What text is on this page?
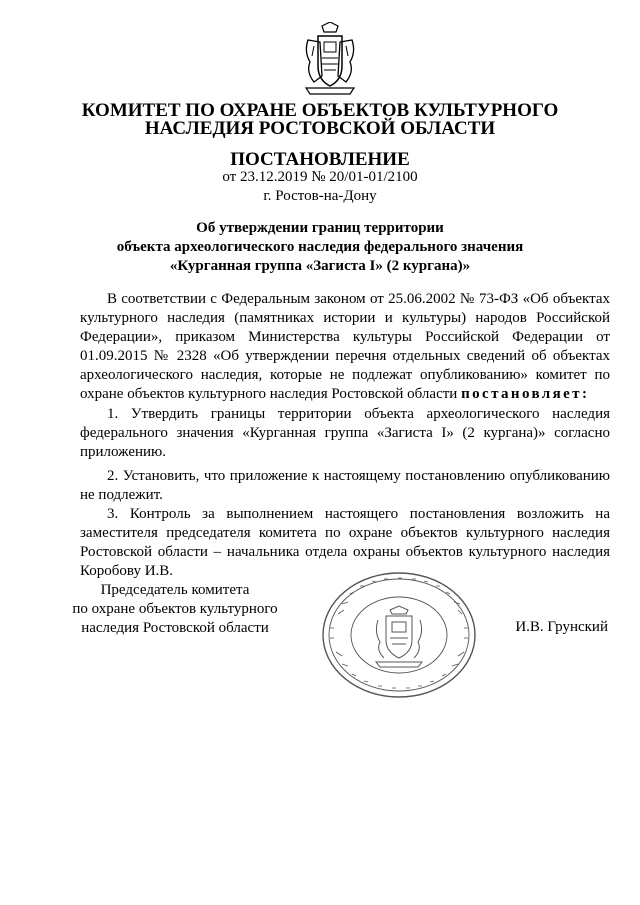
КОМИТЕТ ПО ОХРАНЕ ОБЪЕКТОВ КУЛЬТУРНОГО
НАСЛЕДИЯ РОСТОВСКОЙ ОБЛАСТИ
ПОСТАНОВЛЕНИЕ
от 23.12.2019 № 20/01-01/2100
г. Ростов-на-Дону
Об утверждении границ территории
объекта археологического наследия федерального значения
«Курганная группа «Загиста I» (2 кургана)»
В соответствии с Федеральным законом от 25.06.2002 № 73-ФЗ «Об объектах культурного наследия (памятниках истории и культуры) народов Российской Федерации», приказом Министерства культуры Российской Федерации от 01.09.2015 № 2328 «Об утверждении перечня отдельных сведений об объектах археологического наследия, которые не подлежат опубликованию» комитет по охране объектов культурного наследия Ростовской области постановляет:

1. Утвердить границы территории объекта археологического наследия федерального значения «Курганная группа «Загиста I» (2 кургана)» согласно приложению.

2. Установить, что приложение к настоящему постановлению опубликованию не подлежит.

3. Контроль за выполнением настоящего постановления возложить на заместителя председателя комитета по охране объектов культурного наследия Ростовской области – начальника отдела охраны объектов культурного наследия Коробову И.В.

Председатель комитета
по охране объектов культурного
наследия Ростовской области	И.В. Грунский
